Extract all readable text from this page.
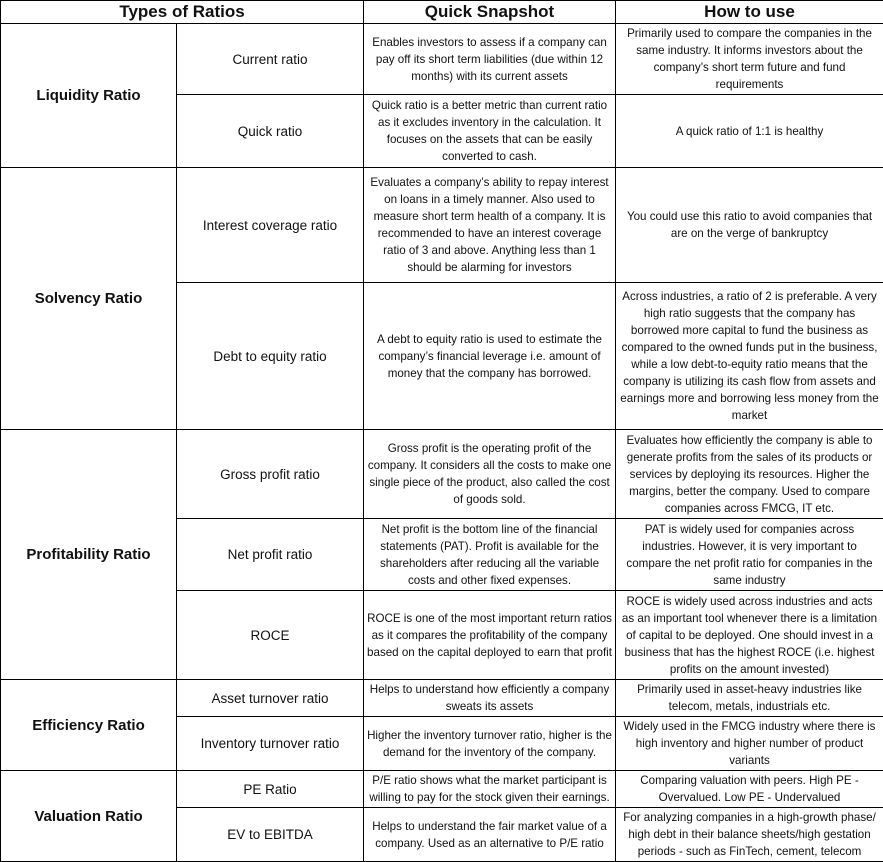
Types of Ratios		Quick Snapshot	How to use
Liquidity Ratio	Current ratio	Enables investors to assess if a company can pay off its short term liabilities (due within 12 months) with its current assets	Primarily used to compare the companies in the same industry. It informs investors about the company’s short term future and fund requirements
	Quick ratio	Quick ratio is a better metric than current ratio as it excludes inventory in the calculation. It focuses on the assets that can be easily converted to cash.	A quick ratio of 1:1 is healthy
Solvency Ratio	Interest coverage ratio	Evaluates a company’s ability to repay interest on loans in a timely manner. Also used to measure short term health of a company. It is recommended to have an interest coverage ratio of 3 and above. Anything less than 1 should be alarming for investors	You could use this ratio to avoid companies that are on the verge of bankruptcy
	Debt to equity ratio	A debt to equity ratio is used to estimate the company’s financial leverage i.e. amount of money that the company has borrowed.	Across industries, a ratio of 2 is preferable. A very high ratio suggests that the company has borrowed more capital to fund the business as compared to the owned funds put in the business, while a low debt-to-equity ratio means that the company is utilizing its cash flow from assets and earnings more and borrowing less money from the market
Profitability Ratio	Gross profit ratio	Gross profit is the operating profit of the company. It considers all the costs to make one single piece of the product, also called the cost of goods sold.	Evaluates how efficiently the company is able to generate profits from the sales of its products or services by deploying its resources. Higher the margins, better the company. Used to compare companies across FMCG, IT etc.
	Net profit ratio	Net profit is the bottom line of the financial statements (PAT). Profit is available for the shareholders after reducing all the variable costs and other fixed expenses.	PAT is widely used for companies across industries. However, it is very important to compare the net profit ratio for companies in the same industry
	ROCE	ROCE is one of the most important return ratios as it compares the profitability of the company based on the capital deployed to earn that profit	ROCE is widely used across industries and acts as an important tool whenever there is a limitation of capital to be deployed. One should invest in a business that has the highest ROCE (i.e. highest profits on the amount invested)
Efficiency Ratio	Asset turnover ratio	Helps to understand how efficiently a company sweats its assets	Primarily used in asset-heavy industries like telecom, metals, industrials etc.
	Inventory turnover ratio	Higher the inventory turnover ratio, higher is the demand for the inventory of the company.	Widely used in the FMCG industry where there is high inventory and higher number of product variants
Valuation Ratio	PE Ratio	P/E ratio shows what the market participant is willing to pay for the stock given their earnings.	Comparing valuation with peers. High PE - Overvalued. Low PE - Undervalued
	EV to EBITDA	Helps to understand the fair market value of a company. Used as an alternative to P/E ratio	For analyzing companies in a high-growth phase/ high debt in their balance sheets/high gestation periods - such as FinTech, cement, telecom
